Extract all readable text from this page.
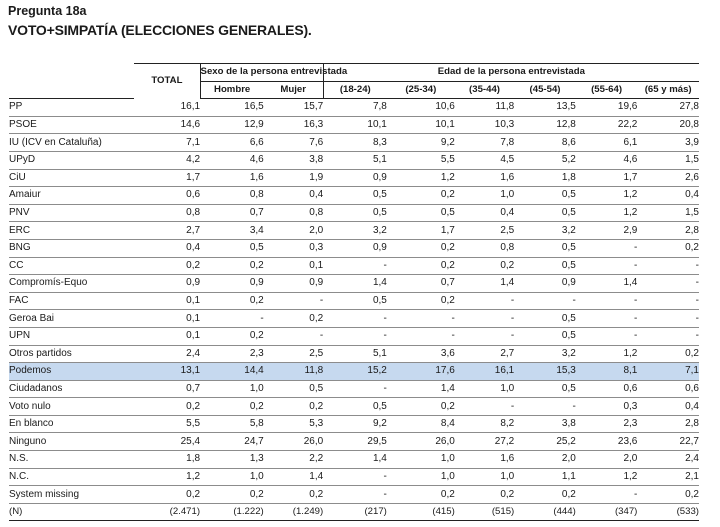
Pregunta 18a
VOTO+SIMPATÍA (ELECCIONES GENERALES).
	TOTAL	Sexo de la persona entrevistada		Edad de la persona entrevistada					
		Hombre	Mujer	(18-24)	(25-34)	(35-44)	(45-54)	(55-64)	(65 y más)
PP	16,1	16,5	15,7	7,8	10,6	11,8	13,5	19,6	27,8
PSOE	14,6	12,9	16,3	10,1	10,1	10,3	12,8	22,2	20,8
IU (ICV en Cataluña)	7,1	6,6	7,6	8,3	9,2	7,8	8,6	6,1	3,9
UPyD	4,2	4,6	3,8	5,1	5,5	4,5	5,2	4,6	1,5
CiU	1,7	1,6	1,9	0,9	1,2	1,6	1,8	1,7	2,6
Amaiur	0,6	0,8	0,4	0,5	0,2	1,0	0,5	1,2	0,4
PNV	0,8	0,7	0,8	0,5	0,5	0,4	0,5	1,2	1,5
ERC	2,7	3,4	2,0	3,2	1,7	2,5	3,2	2,9	2,8
BNG	0,4	0,5	0,3	0,9	0,2	0,8	0,5	-	0,2
CC	0,2	0,2	0,1	-	0,2	0,2	0,5	-	-
Compromís-Equo	0,9	0,9	0,9	1,4	0,7	1,4	0,9	1,4	-
FAC	0,1	0,2	-	0,5	0,2	-	-	-	-
Geroa Bai	0,1	-	0,2	-	-	-	0,5	-	-
UPN	0,1	0,2	-	-	-	-	0,5	-	-
Otros partidos	2,4	2,3	2,5	5,1	3,6	2,7	3,2	1,2	0,2
Podemos	13,1	14,4	11,8	15,2	17,6	16,1	15,3	8,1	7,1
Ciudadanos	0,7	1,0	0,5	-	1,4	1,0	0,5	0,6	0,6
Voto nulo	0,2	0,2	0,2	0,5	0,2	-	-	0,3	0,4
En blanco	5,5	5,8	5,3	9,2	8,4	8,2	3,8	2,3	2,8
Ninguno	25,4	24,7	26,0	29,5	26,0	27,2	25,2	23,6	22,7
N.S.	1,8	1,3	2,2	1,4	1,0	1,6	2,0	2,0	2,4
N.C.	1,2	1,0	1,4	-	1,0	1,0	1,1	1,2	2,1
System missing	0,2	0,2	0,2	-	0,2	0,2	0,2	-	0,2
(N)	(2.471)	(1.222)	(1.249)	(217)	(415)	(515)	(444)	(347)	(533)
